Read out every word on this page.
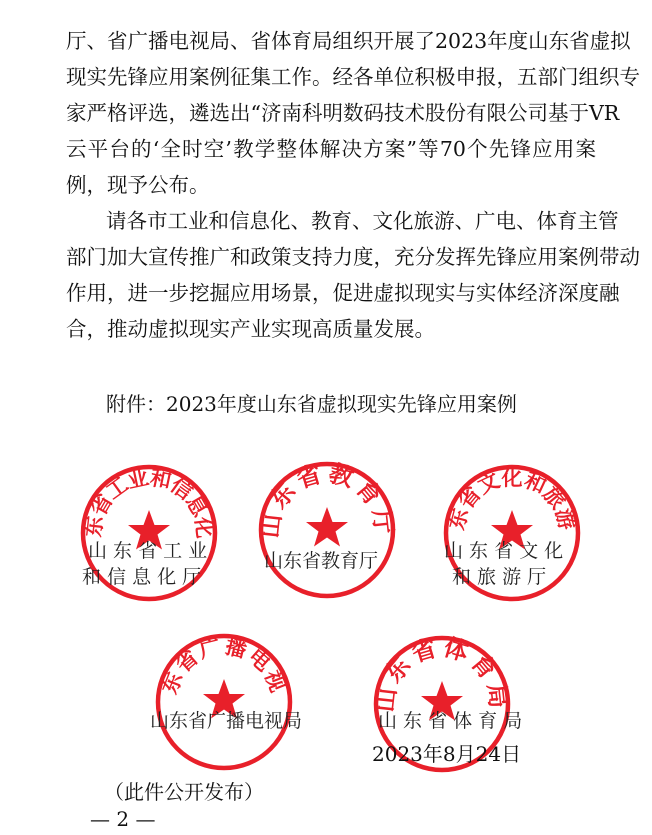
厅、省广播电视局、省体育局组织开展了2023年度山东省虚拟
现实先锋应用案例征集工作。经各单位积极申报，五部门组织专
家严格评选，遴选出“济南科明数码技术股份有限公司基于VR
云平台的‘全时空’教学整体解决方案”等70个先锋应用案
例，现予公布。
请各市工业和信息化、教育、文化旅游、广电、体育主管
部门加大宣传推广和政策支持力度，充分发挥先锋应用案例带动
作用，进一步挖掘应用场景，促进虚拟现实与实体经济深度融
合，推动虚拟现实产业实现高质量发展。
附件：2023年度山东省虚拟现实先锋应用案例
山东省工业和信息化厅
山 东 省 工 业
和 信 息 化 厅
山东省教育厅
山东省教育厅
山东省文化和旅游厅
山 东 省 文 化
和 旅 游 厅
山东省广播电视局
山东省广播电视局
山东省体育局
山 东 省 体 育 局
2023年8月24日
（此件公开发布）
— 2 —
